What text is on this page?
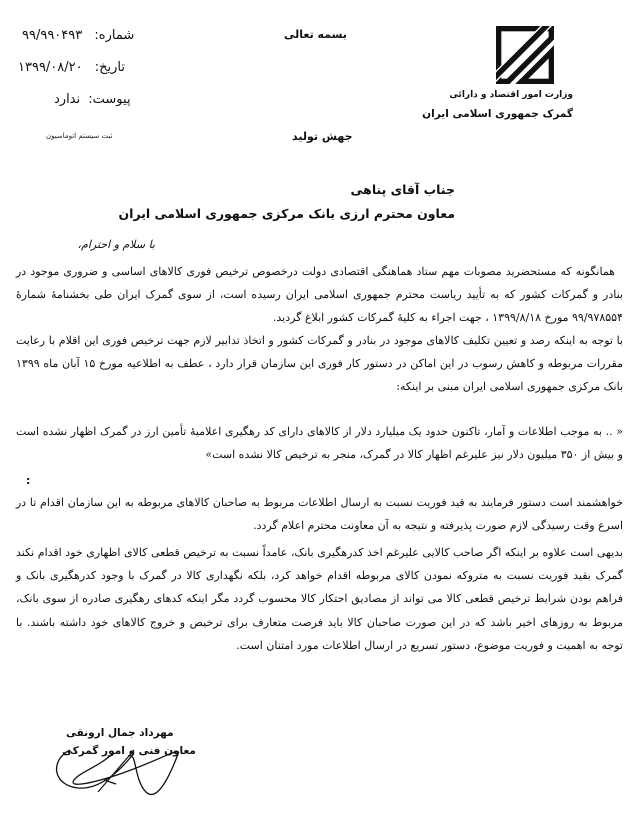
شماره: ۹۹/۹۹۰۴۹۳
تاریخ: ۱۳۹۹/۰۸/۲۰
پیوست: ندارد
ثبت سیستم اتوماسیون
بسمه تعالی
جهش تولید
وزارت امور اقتصاد و دارائی
گمرک جمهوری اسلامی ایران
جناب آقای پناهی
معاون محترم ارزی بانک مرکزی جمهوری اسلامی ایران
با سلام و احترام،

همانگونه که مستحضرید مصوبات مهم ستاد هماهنگی اقتصادی دولت درخصوص ترخیص فوری کالاهای اساسی و ضروری موجود در بنادر و گمرکات کشور که به تأیید ریاست محترم جمهوری اسلامی ایران رسیده است، از سوی گمرک ایران طی بخشنامهٔ شمارهٔ ۹۹/۹۷۸۵۵۴ مورخ ۱۳۹۹/۸/۱۸ ، جهت اجراء به کلیهٔ گمرکات کشور ابلاغ گردید.

با توجه به اینکه رصد و تعیین تکلیف کالاهای موجود در بنادر و گمرکات کشور و اتخاذ تدابیر لازم جهت ترخیص فوری این اقلام با رعایت مقررات مربوطه و کاهش رسوب در این اماکن در دستور کار فوری این سازمان قرار دارد ، عطف به اطلاعیه مورخ ۱۵ آبان ماه ۱۳۹۹ بانک مرکزی جمهوری اسلامی ایران مبنی بر اینکه:

« .. به موجب اطلاعات و آمار، تاکنون حدود یک میلیارد دلار از کالاهای دارای کد رهگیری اعلامیهٔ تأمین ارز در گمرک اظهار نشده است و بیش از ۳۵۰ میلیون دلار نیز علیرغم اظهار کالا در گمرک، منجر به ترخیص کالا نشده است»

:

خواهشمند است دستور فرمایند به قید فوریت نسبت به ارسال اطلاعات مربوط به صاحبان کالاهای مربوطه به این سازمان اقدام تا در اسرع وقت رسیدگی لازم صورت پذیرفته و نتیجه به آن معاونت محترم اعلام گردد.

بدیهی است علاوه بر اینکه اگر صاحب کالایی علیرغم اخذ کدرهگیری بانک، عامداً نسبت به ترخیص قطعی کالای اظهاری خود اقدام نکند گمرک بقید فوریت نسبت به متروکه نمودن کالای مربوطه اقدام خواهد کرد، بلکه نگهداری کالا در گمرک با وجود کدرهگیری بانک و فراهم بودن شرایط ترخیص قطعی کالا می تواند از مصادیق احتکار کالا محسوب گردد مگر اینکه کدهای رهگیری صادره از سوی بانک، مربوط به روزهای اخیر باشد که در این صورت صاحبان کالا باید فرصت متعارف برای ترخیص و خروج کالاهای خود داشته باشند. با توجه به اهمیت و فوریت موضوع، دستور تسریع در ارسال اطلاعات مورد امتنان است.

مهرداد جمال ارونقی
معاون فنی و امور گمرکی
